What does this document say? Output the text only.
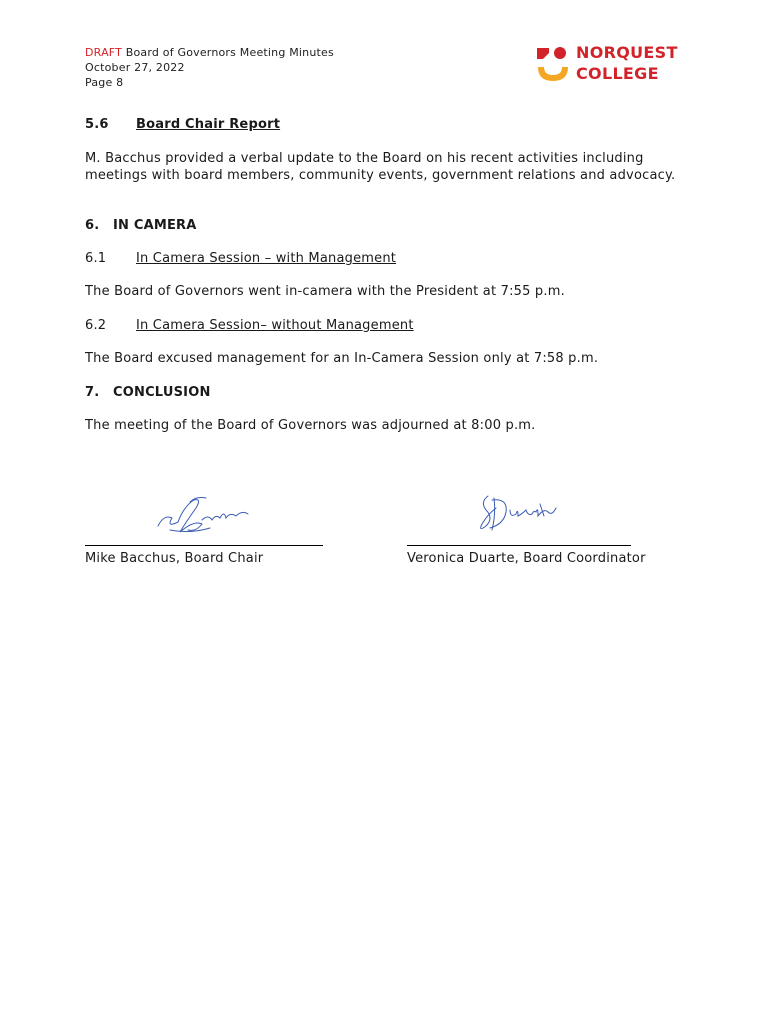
DRAFT Board of Governors Meeting Minutes
October 27, 2022
Page 8
NORQUEST
COLLEGE
5.6 Board Chair Report
M. Bacchus provided a verbal update to the Board on his recent activities including meetings with board members, community events, government relations and advocacy.
6. IN CAMERA
6.1 In Camera Session – with Management
The Board of Governors went in-camera with the President at 7:55 p.m.
6.2 In Camera Session– without Management
The Board excused management for an In-Camera Session only at 7:58 p.m.
7. CONCLUSION
The meeting of the Board of Governors was adjourned at 8:00 p.m.
Mike Bacchus, Board Chair	Veronica Duarte, Board Coordinator
